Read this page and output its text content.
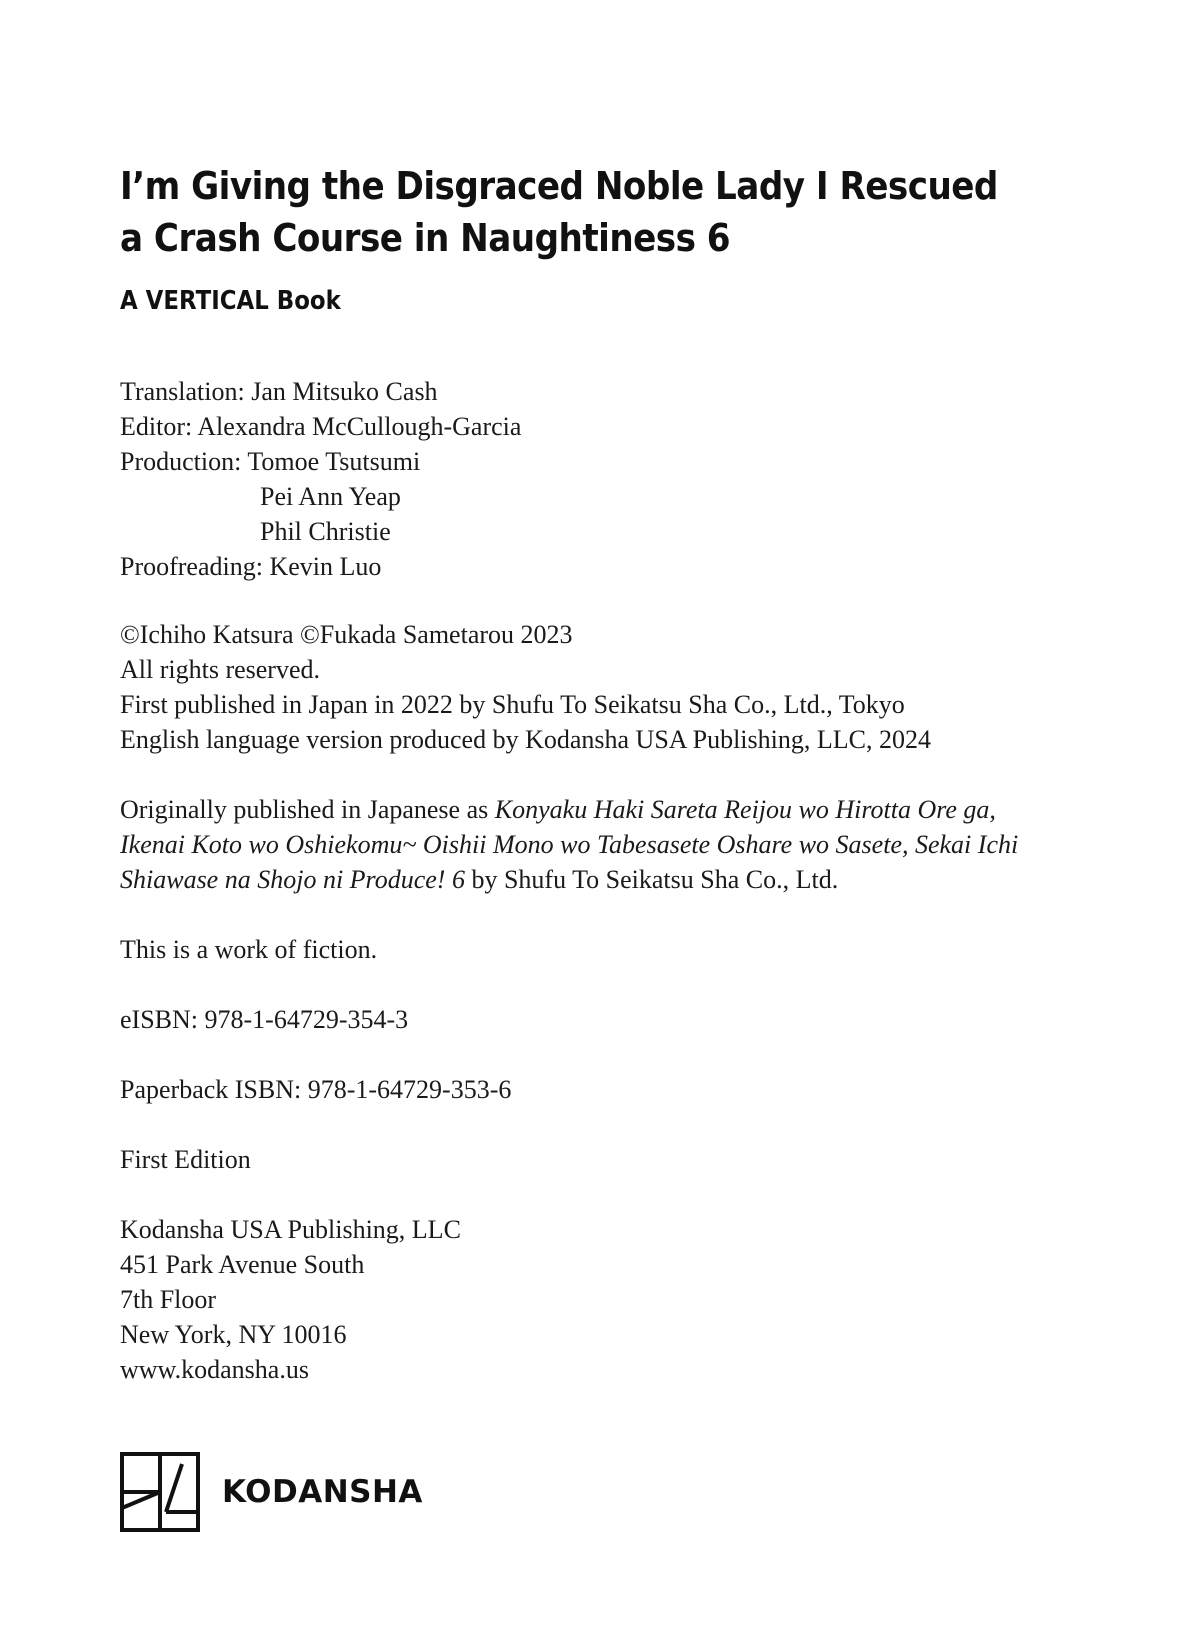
I’m Giving the Disgraced Noble Lady I Rescued
a Crash Course in Naughtiness 6
A VERTICAL Book
Translation: Jan Mitsuko Cash
Editor: Alexandra McCullough-Garcia
Production: Tomoe Tsutsumi
Pei Ann Yeap
Phil Christie
Proofreading: Kevin Luo
©Ichiho Katsura ©Fukada Sametarou 2023
All rights reserved.
First published in Japan in 2022 by Shufu To Seikatsu Sha Co., Ltd., Tokyo
English language version produced by Kodansha USA Publishing, LLC, 2024
Originally published in Japanese as Konyaku Haki Sareta Reijou wo Hirotta Ore ga,
Ikenai Koto wo Oshiekomu~ Oishii Mono wo Tabesasete Oshare wo Sasete, Sekai Ichi
Shiawase na Shojo ni Produce! 6 by Shufu To Seikatsu Sha Co., Ltd.
This is a work of fiction.
eISBN: 978-1-64729-354-3
Paperback ISBN: 978-1-64729-353-6
First Edition
Kodansha USA Publishing, LLC
451 Park Avenue South
7th Floor
New York, NY 10016
www.kodansha.us
KODANSHA
